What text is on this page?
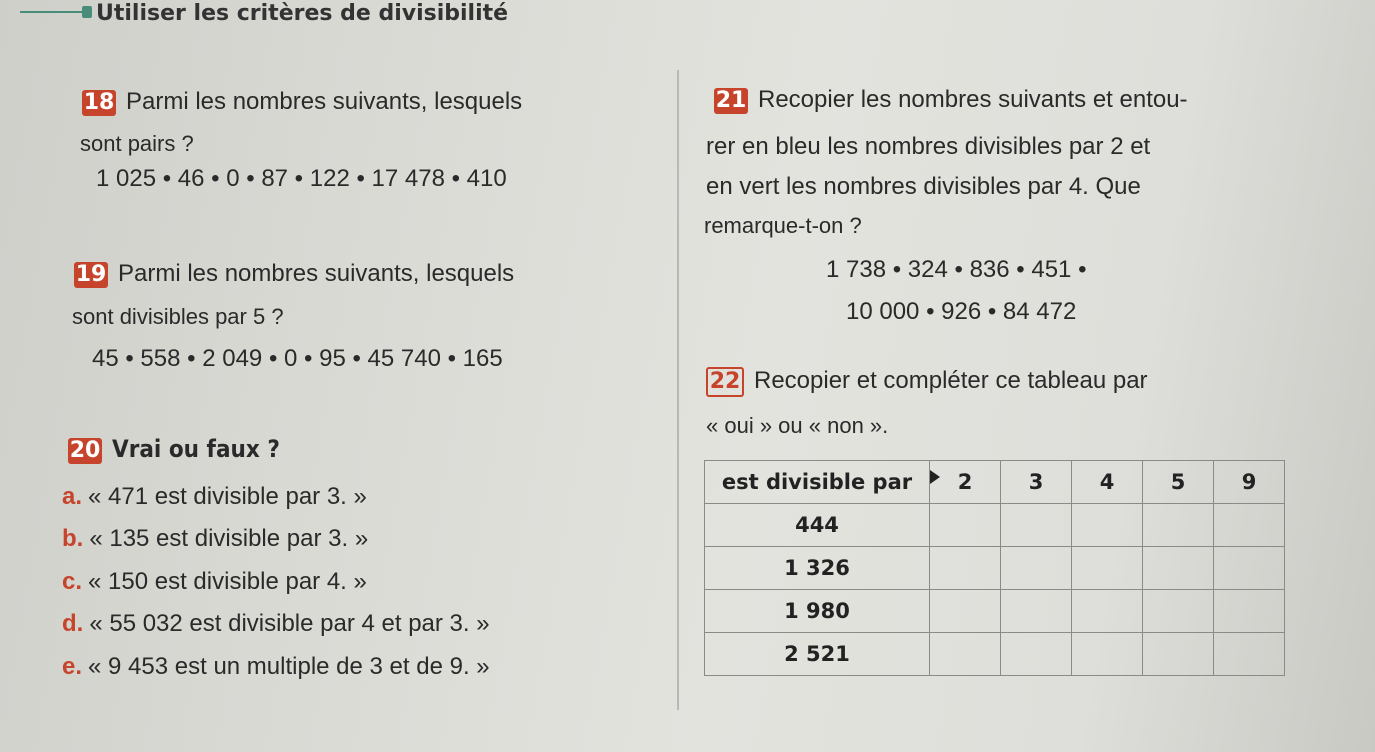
Utiliser les critères de divisibilité
18 Parmi les nombres suivants, lesquels
sont pairs ?
1 025 • 46 • 0 • 87 • 122 • 17 478 • 410
19 Parmi les nombres suivants, lesquels
sont divisibles par 5 ?
45 • 558 • 2 049 • 0 • 95 • 45 740 • 165
20 Vrai ou faux ?
a. « 471 est divisible par 3. »
b. « 135 est divisible par 3. »
c. « 150 est divisible par 4. »
d. « 55 032 est divisible par 4 et par 3. »
e. « 9 453 est un multiple de 3 et de 9. »
21 Recopier les nombres suivants et entou-
rer en bleu les nombres divisibles par 2 et
en vert les nombres divisibles par 4. Que
remarque-t-on ?
1 738 • 324 • 836 • 451 •
10 000 • 926 • 84 472
22 Recopier et compléter ce tableau par
« oui » ou « non ».
est divisible par	2	3	4	5	9
444					
1 326					
1 980					
2 521					
